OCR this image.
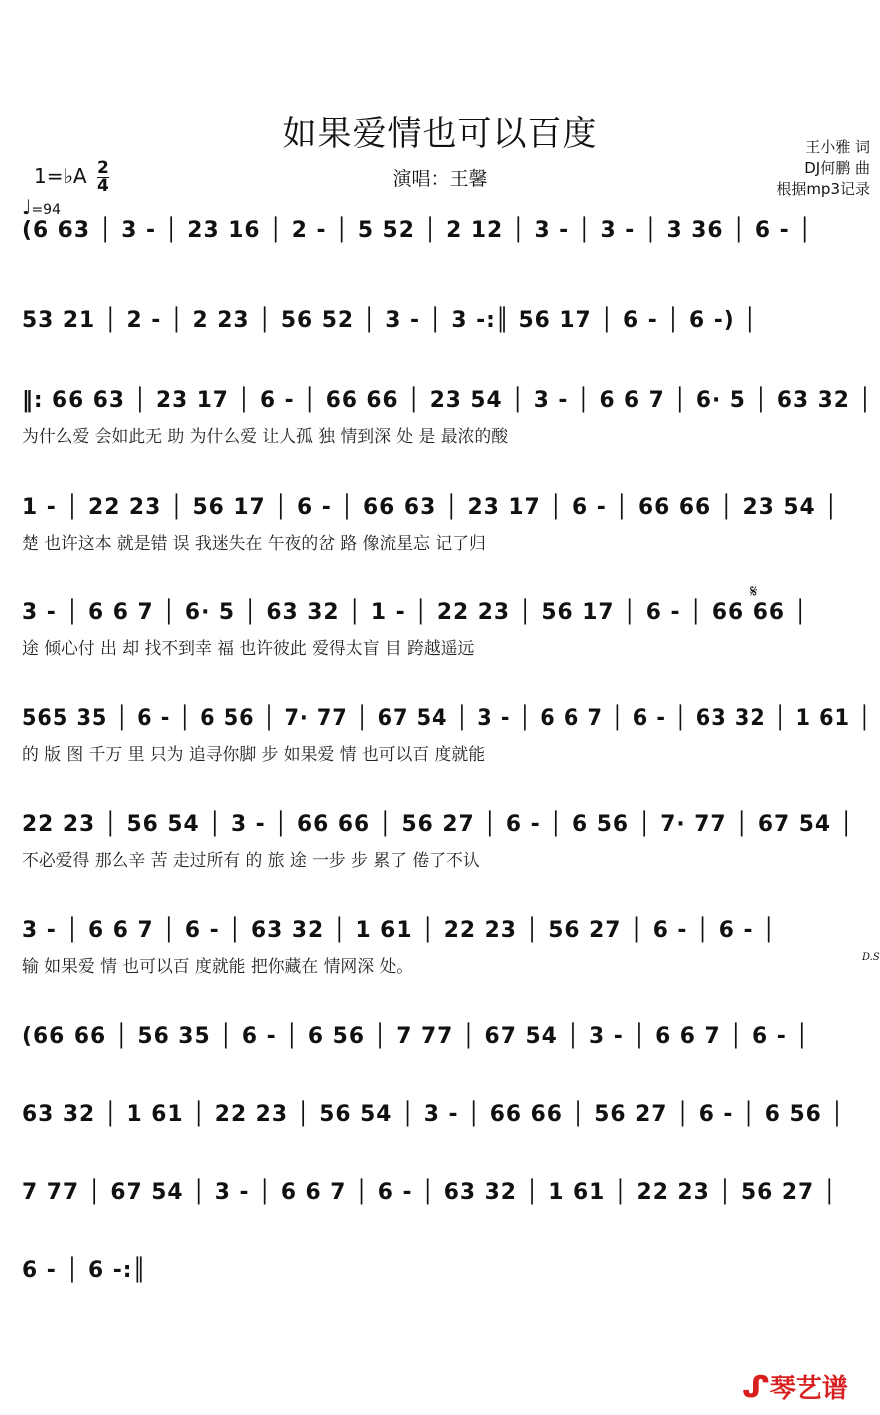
如果爱情也可以百度
演唱：王馨
王小雅 词
DJ何鹏 曲
根据mp3记录
1=♭A $\frac{2}{4}$
♩=94
(6 63 │ 3 - │ 23 16 │ 2 - │ 5 52 │ 2 12 │ 3 - │ 3 - │ 3 36 │ 6 - │
53 21 │ 2 - │ 2 23 │ 56 52 │ 3 - │ 3 -:║ 56 17 │ 6 - │ 6 -) │
‖: 66 63 │ 23 17 │ 6 - │ 66 66 │ 23 54 │ 3 - │ 6 6 7 │ 6· 5 │ 63 32 │
为什么爱 会如此无 助 为什么爱 让人孤 独 情到深 处 是 最浓的酸
1 - │ 22 23 │ 56 17 │ 6 - │ 66 63 │ 23 17 │ 6 - │ 66 66 │ 23 54 │
楚 也许这本 就是错 误 我迷失在 午夜的岔 路 像流星忘 记了归
3 - │ 6 6 7 │ 6· 5 │ 63 32 │ 1 - │ 22 23 │ 56 17 │ 6 - │ 66 66 │
途 倾心付 出 却 找不到幸 福 也许彼此 爱得太盲 目 跨越遥远
565 35 │ 6 - │ 6 56 │ 7· 77 │ 67 54 │ 3 - │ 6 6 7 │ 6 - │ 63 32 │ 1 61 │
的 版 图 千万 里 只为 追寻你脚 步 如果爱 情 也可以百 度就能
22 23 │ 56 54 │ 3 - │ 66 66 │ 56 27 │ 6 - │ 6 56 │ 7· 77 │ 67 54 │
不必爱得 那么辛 苦 走过所有 的 旅 途 一步 步 累了 倦了不认
3 - │ 6 6 7 │ 6 - │ 63 32 │ 1 61 │ 22 23 │ 56 27 │ 6 - │ 6 - │
输 如果爱 情 也可以百 度就能 把你藏在 情网深 处。
(66 66 │ 56 35 │ 6 - │ 6 56 │ 7 77 │ 67 54 │ 3 - │ 6 6 7 │ 6 - │
63 32 │ 1 61 │ 22 23 │ 56 54 │ 3 - │ 66 66 │ 56 27 │ 6 - │ 6 56 │
7 77 │ 67 54 │ 3 - │ 6 6 7 │ 6 - │ 63 32 │ 1 61 │ 22 23 │ 56 27 │
6 - │ 6 -:║
𝄋
D.S
ᔑ琴艺谱
